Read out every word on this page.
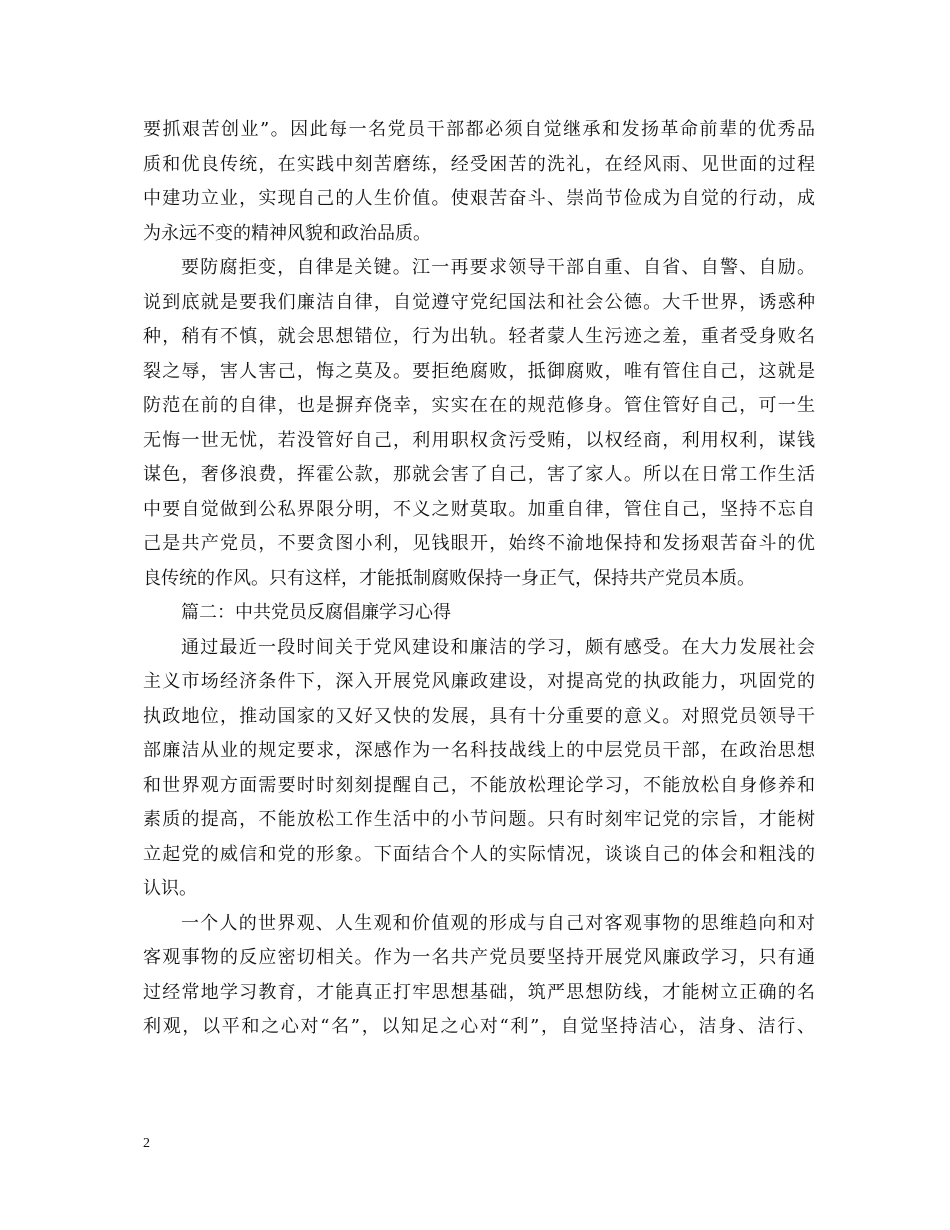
要抓艰苦创业”。因此每一名党员干部都必须自觉继承和发扬革命前辈的优秀品
质和优良传统，在实践中刻苦磨练，经受困苦的洗礼，在经风雨、见世面的过程
中建功立业，实现自己的人生价值。使艰苦奋斗、崇尚节俭成为自觉的行动，成
为永远不变的精神风貌和政治品质。
要防腐拒变，自律是关键。江一再要求领导干部自重、自省、自警、自励。
说到底就是要我们廉洁自律，自觉遵守党纪国法和社会公德。大千世界，诱惑种
种，稍有不慎，就会思想错位，行为出轨。轻者蒙人生污迹之羞，重者受身败名
裂之辱，害人害己，悔之莫及。要拒绝腐败，抵御腐败，唯有管住自己，这就是
防范在前的自律，也是摒弃侥幸，实实在在的规范修身。管住管好自己，可一生
无悔一世无忧，若没管好自己，利用职权贪污受贿，以权经商，利用权利，谋钱
谋色，奢侈浪费，挥霍公款，那就会害了自己，害了家人。所以在日常工作生活
中要自觉做到公私界限分明，不义之财莫取。加重自律，管住自己，坚持不忘自
己是共产党员，不要贪图小利，见钱眼开，始终不渝地保持和发扬艰苦奋斗的优
良传统的作风。只有这样，才能抵制腐败保持一身正气，保持共产党员本质。
篇二：中共党员反腐倡廉学习心得
通过最近一段时间关于党风建设和廉洁的学习，颇有感受。在大力发展社会
主义市场经济条件下，深入开展党风廉政建设，对提高党的执政能力，巩固党的
执政地位，推动国家的又好又快的发展，具有十分重要的意义。对照党员领导干
部廉洁从业的规定要求，深感作为一名科技战线上的中层党员干部，在政治思想
和世界观方面需要时时刻刻提醒自己，不能放松理论学习，不能放松自身修养和
素质的提高，不能放松工作生活中的小节问题。只有时刻牢记党的宗旨，才能树
立起党的威信和党的形象。下面结合个人的实际情况，谈谈自己的体会和粗浅的
认识。
一个人的世界观、人生观和价值观的形成与自己对客观事物的思维趋向和对
客观事物的反应密切相关。作为一名共产党员要坚持开展党风廉政学习，只有通
过经常地学习教育，才能真正打牢思想基础，筑严思想防线，才能树立正确的名
利观，以平和之心对“名”，以知足之心对“利”，自觉坚持洁心，洁身、洁行、
2
